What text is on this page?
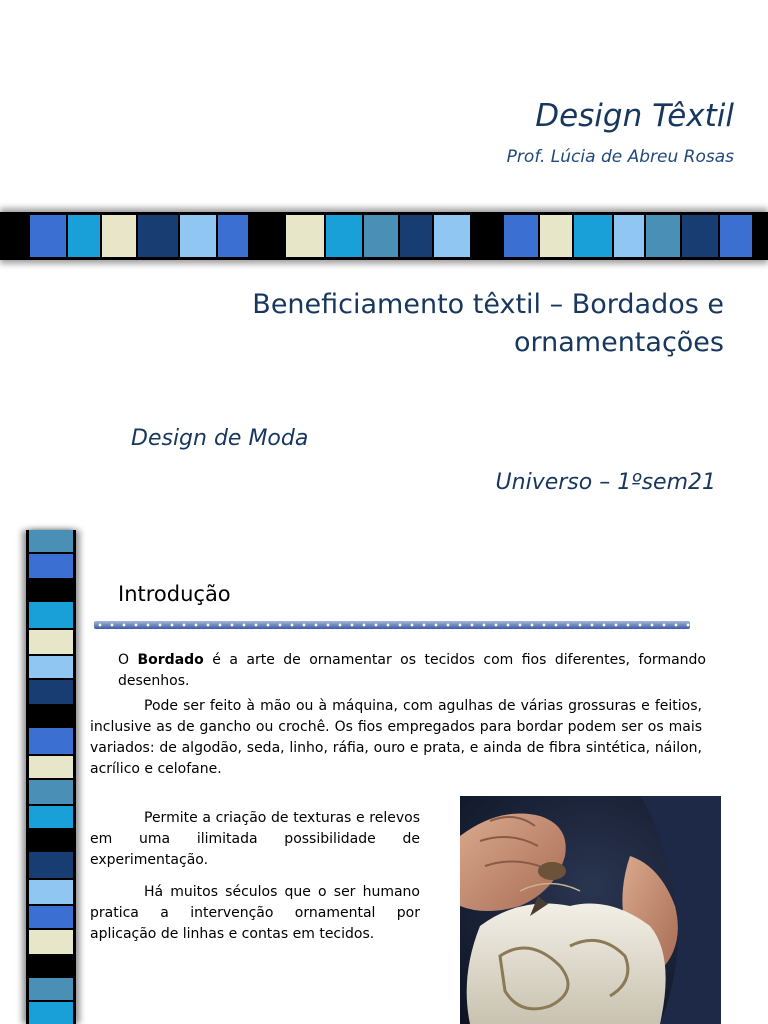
Design Têxtil
Prof. Lúcia de Abreu Rosas
Beneficiamento têxtil – Bordados e
ornamentações
Design de Moda
Universo – 1ºsem21
Introdução
O Bordado é a arte de ornamentar os tecidos com fios diferentes, formando desenhos.
Pode ser feito à mão ou à máquina, com agulhas de várias grossuras e feitios, inclusive as de gancho ou crochê. Os fios empregados para bordar podem ser os mais variados: de algodão, seda, linho, ráfia, ouro e prata, e ainda de fibra sintética, náilon, acrílico e celofane.
Permite a criação de texturas e relevos em uma ilimitada possibilidade de experimentação.
Há muitos séculos que o ser humano pratica a intervenção ornamental por aplicação de linhas e contas em tecidos.
